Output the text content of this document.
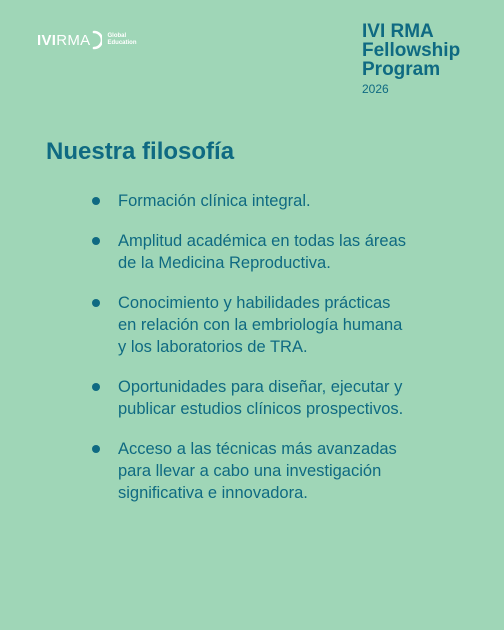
IVIRMA	Global
Education
IVI RMA
Fellowship
Program
2026
Nuestra filosofía
Formación clínica integral.
Amplitud académica en todas las áreas de la Medicina Reproductiva.
Conocimiento y habilidades prácticas en relación con la embriología humana y los laboratorios de TRA.
Oportunidades para diseñar, ejecutar y publicar estudios clínicos prospectivos.
Acceso a las técnicas más avanzadas para llevar a cabo una investigación significativa e innovadora.
